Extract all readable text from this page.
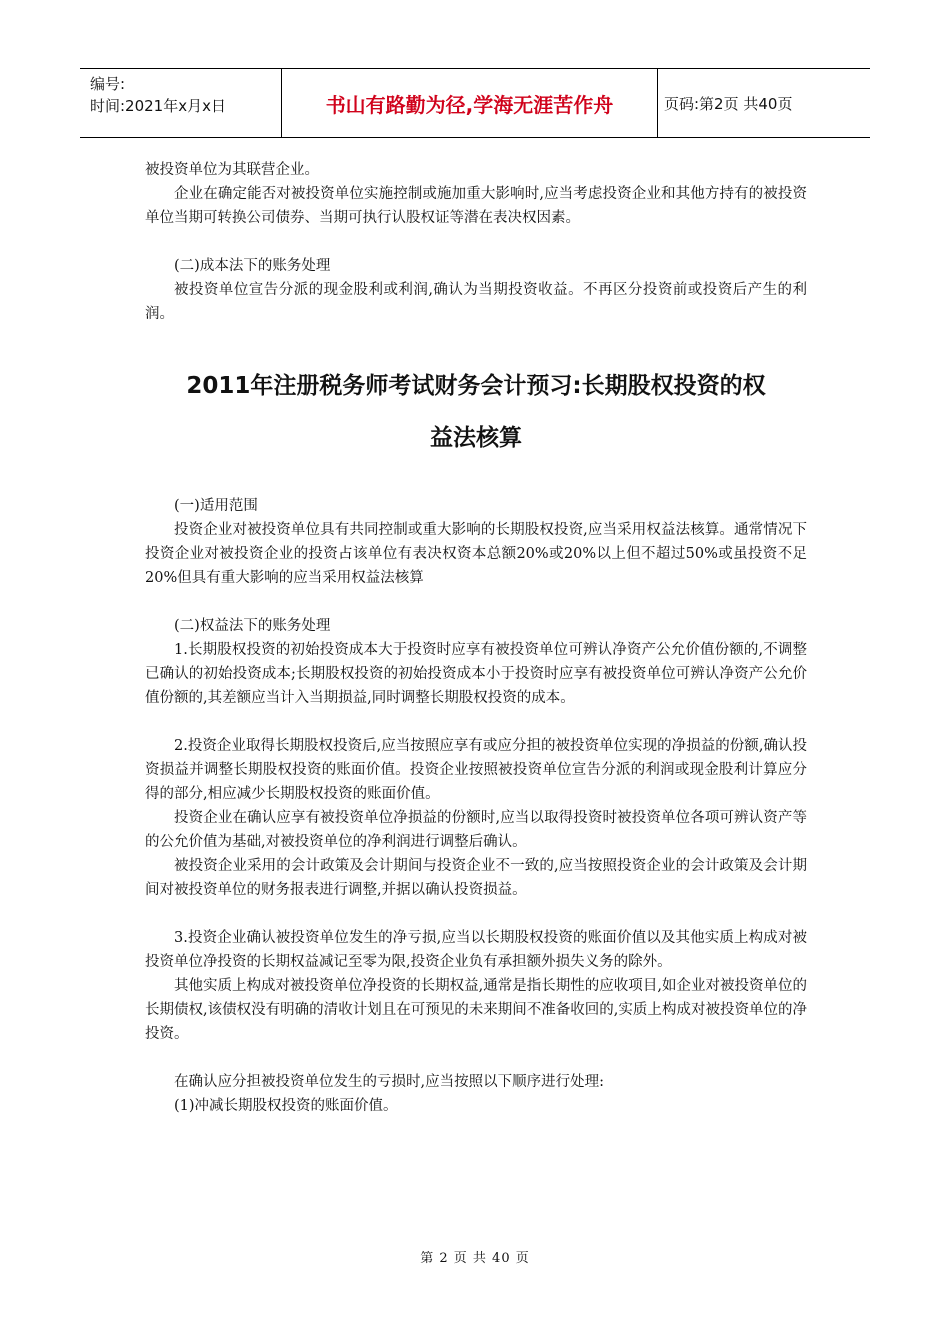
编号:
时间:2021年x月x日	书山有路勤为径,学海无涯苦作舟	页码:第2页 共40页

被投资单位为其联营企业。

企业在确定能否对被投资单位实施控制或施加重大影响时,应当考虑投资企业和其他方持有的被投资单位当期可转换公司债券、当期可执行认股权证等潜在表决权因素。

(二)成本法下的账务处理

被投资单位宣告分派的现金股利或利润,确认为当期投资收益。不再区分投资前或投资后产生的利润。

2011年注册税务师考试财务会计预习:长期股权投资的权
益法核算

(一)适用范围

投资企业对被投资单位具有共同控制或重大影响的长期股权投资,应当采用权益法核算。通常情况下投资企业对被投资企业的投资占该单位有表决权资本总额20%或20%以上但不超过50%或虽投资不足20%但具有重大影响的应当采用权益法核算

(二)权益法下的账务处理

1.长期股权投资的初始投资成本大于投资时应享有被投资单位可辨认净资产公允价值份额的,不调整已确认的初始投资成本;长期股权投资的初始投资成本小于投资时应享有被投资单位可辨认净资产公允价值份额的,其差额应当计入当期损益,同时调整长期股权投资的成本。

2.投资企业取得长期股权投资后,应当按照应享有或应分担的被投资单位实现的净损益的份额,确认投资损益并调整长期股权投资的账面价值。投资企业按照被投资单位宣告分派的利润或现金股利计算应分得的部分,相应减少长期股权投资的账面价值。

投资企业在确认应享有被投资单位净损益的份额时,应当以取得投资时被投资单位各项可辨认资产等的公允价值为基础,对被投资单位的净利润进行调整后确认。

被投资企业采用的会计政策及会计期间与投资企业不一致的,应当按照投资企业的会计政策及会计期间对被投资单位的财务报表进行调整,并据以确认投资损益。

3.投资企业确认被投资单位发生的净亏损,应当以长期股权投资的账面价值以及其他实质上构成对被投资单位净投资的长期权益减记至零为限,投资企业负有承担额外损失义务的除外。

其他实质上构成对被投资单位净投资的长期权益,通常是指长期性的应收项目,如企业对被投资单位的长期债权,该债权没有明确的清收计划且在可预见的未来期间不准备收回的,实质上构成对被投资单位的净投资。

在确认应分担被投资单位发生的亏损时,应当按照以下顺序进行处理:

(1)冲减长期股权投资的账面价值。

第 2 页 共 40 页
